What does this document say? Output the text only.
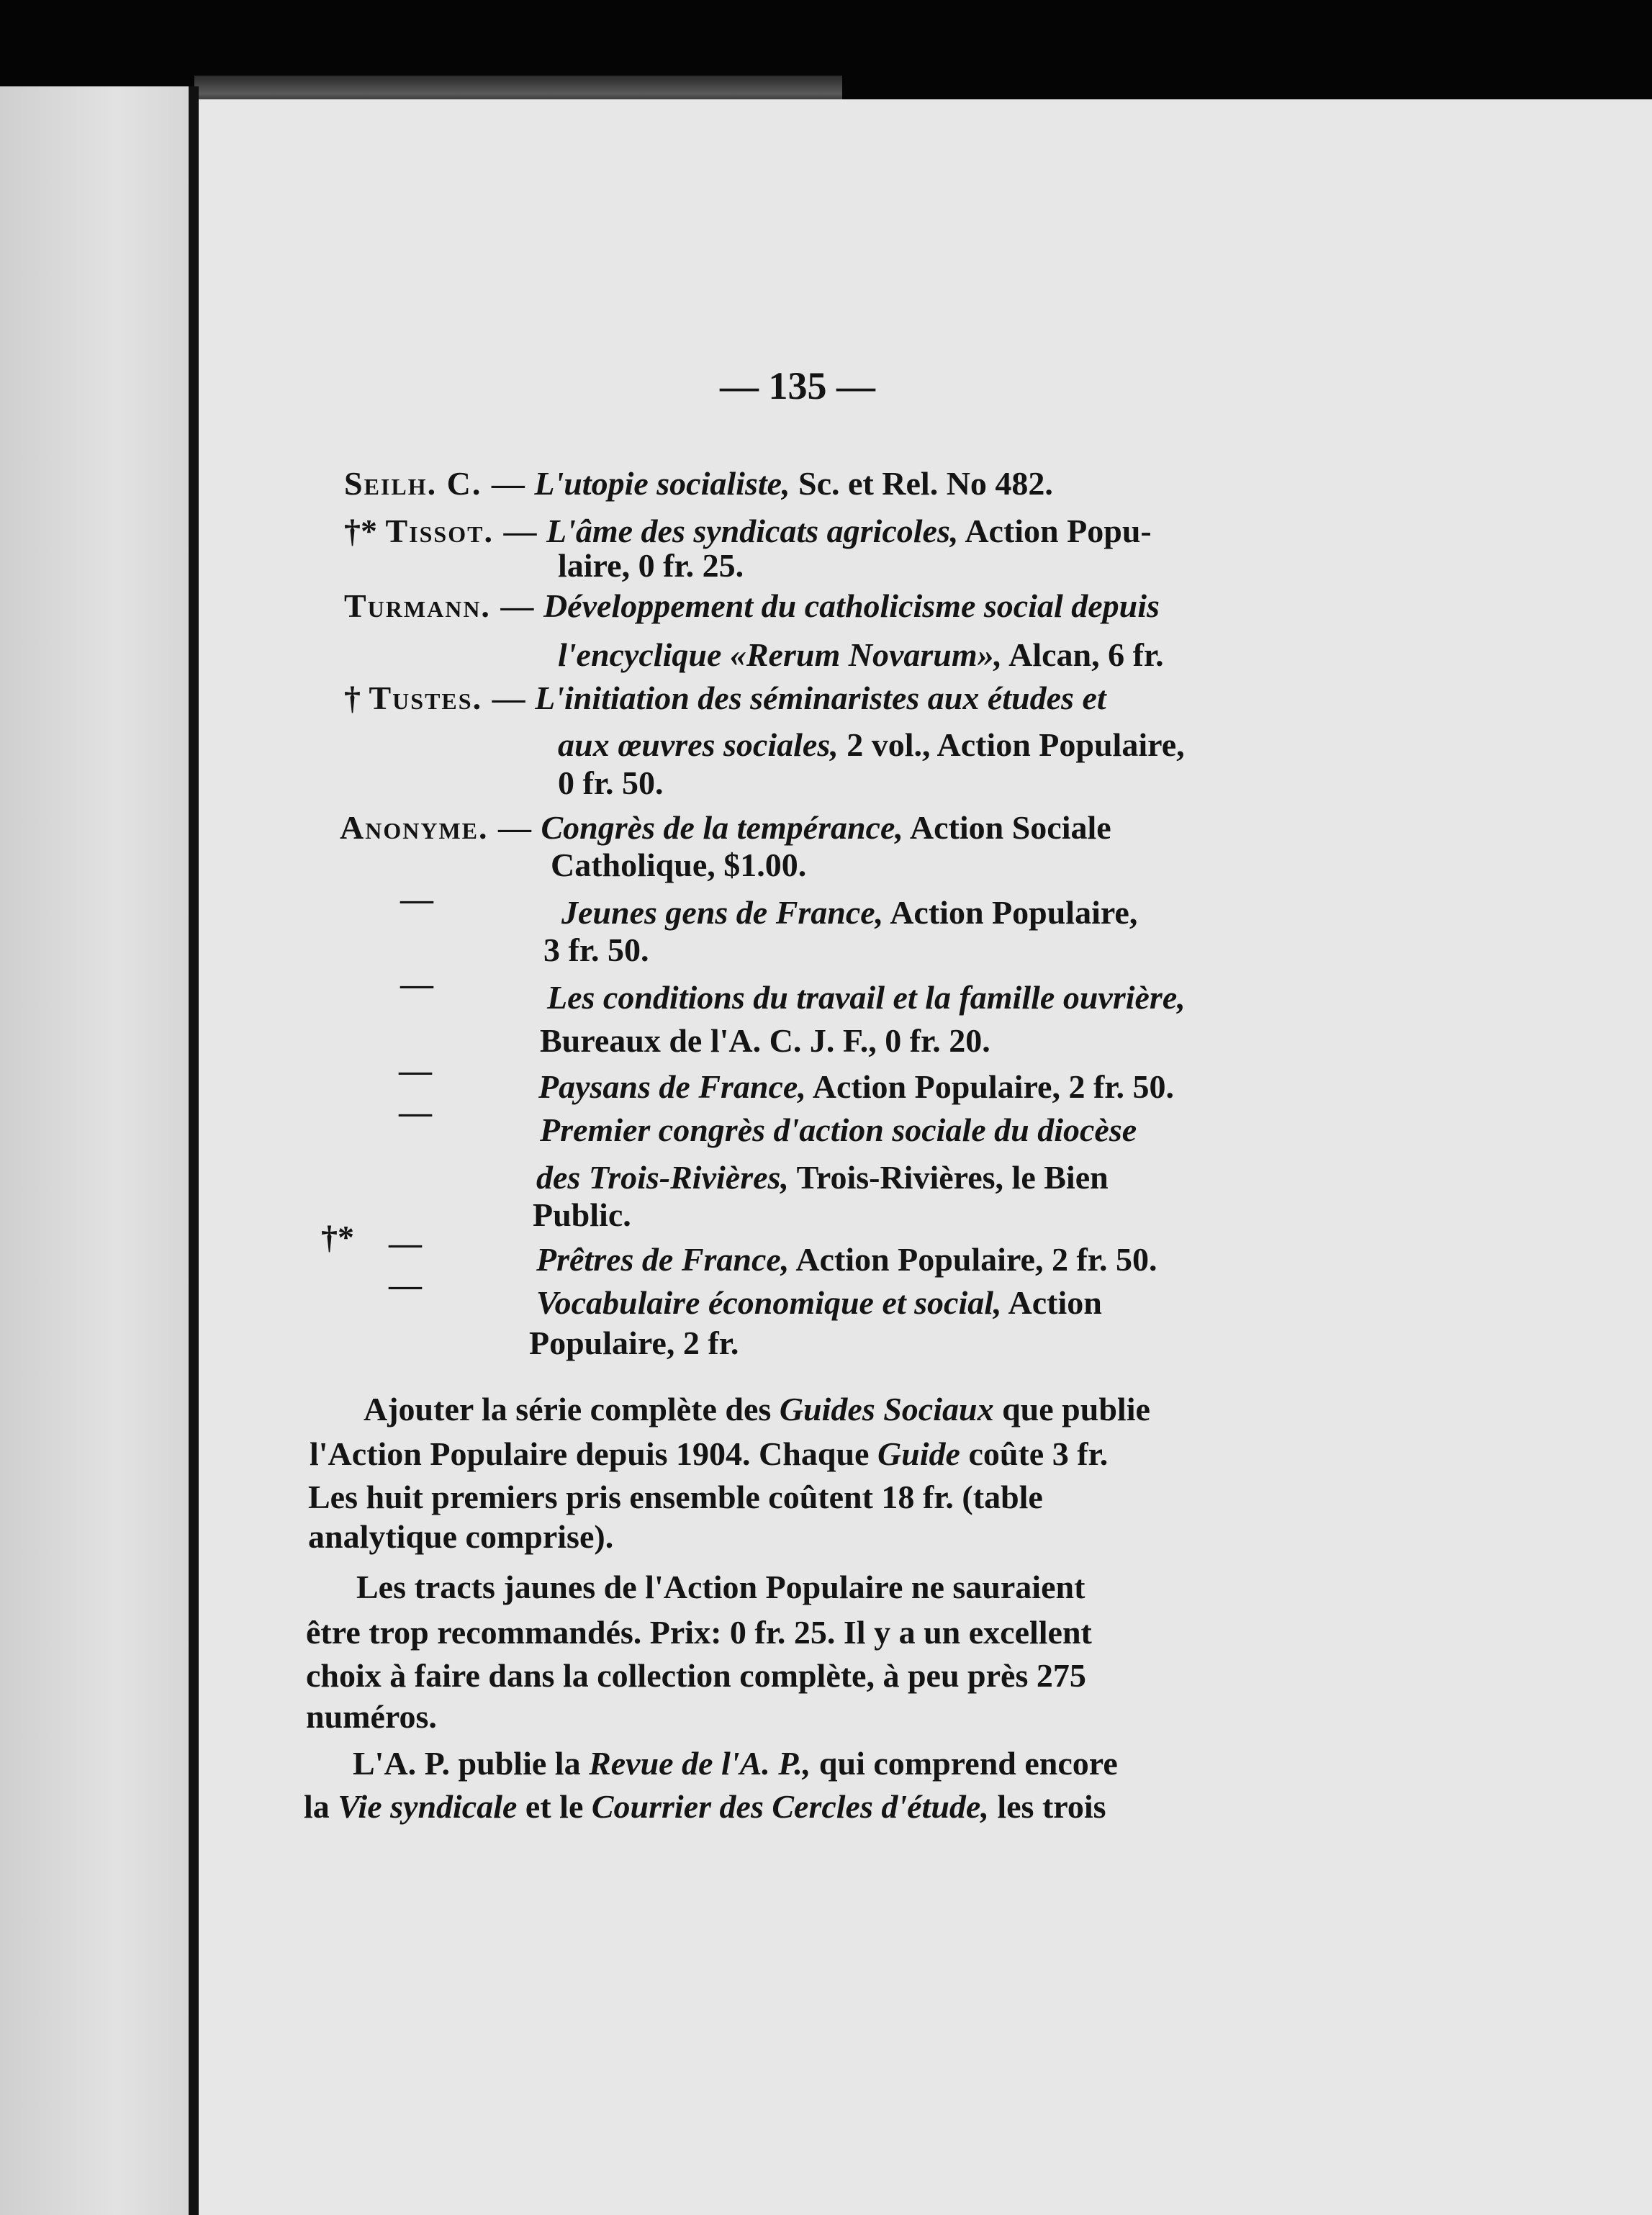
— 135 —
Seilh. C. — L'utopie socialiste, Sc. et Rel. No 482.
†* Tissot. — L'âme des syndicats agricoles, Action Popu-
laire, 0 fr. 25.
Turmann. — Développement du catholicisme social depuis
l'encyclique «Rerum Novarum», Alcan, 6 fr.
† Tustes. — L'initiation des séminaristes aux études et
aux œuvres sociales, 2 vol., Action Populaire,
0 fr. 50.
Anonyme. — Congrès de la tempérance, Action Sociale
Catholique, $1.00.
—	Jeunes gens de France, Action Populaire,
3 fr. 50.
—	Les conditions du travail et la famille ouvrière,
Bureaux de l'A. C. J. F., 0 fr. 20.
—	Paysans de France, Action Populaire, 2 fr. 50.
—	Premier congrès d'action sociale du diocèse
des Trois-Rivières, Trois-Rivières, le Bien
Public.
†* —	Prêtres de France, Action Populaire, 2 fr. 50.
—	Vocabulaire économique et social, Action
Populaire, 2 fr.
Ajouter la série complète des Guides Sociaux que publie
l'Action Populaire depuis 1904. Chaque Guide coûte 3 fr.
Les huit premiers pris ensemble coûtent 18 fr. (table
analytique comprise).
Les tracts jaunes de l'Action Populaire ne sauraient
être trop recommandés. Prix: 0 fr. 25. Il y a un excellent
choix à faire dans la collection complète, à peu près 275
numéros.
L'A. P. publie la Revue de l'A. P., qui comprend encore
la Vie syndicale et le Courrier des Cercles d'étude, les trois
